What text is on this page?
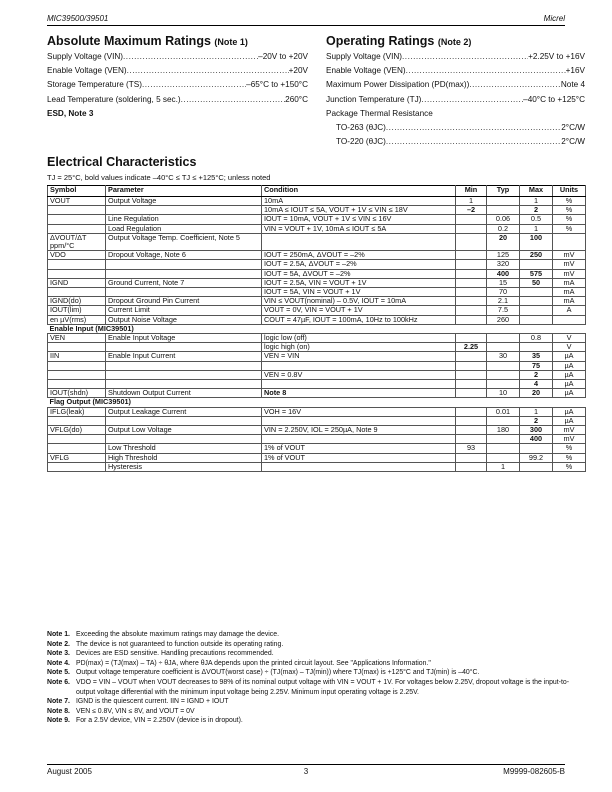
MIC39500/39501	Micrel
Absolute Maximum Ratings (Note 1)
Supply Voltage (VIN) .....	–20V to +20V
Enable Voltage (VEN) .....	+20V
Storage Temperature (TS) .....	–65°C to +150°C
Lead Temperature (soldering, 5 sec.) .....	260°C
ESD, Note 3
Operating Ratings (Note 2)
Supply Voltage (VIN) .....	+2.25V to +16V
Enable Voltage (VEN) .....	+16V
Maximum Power Dissipation (PD(max)) .....	Note 4
Junction Temperature (TJ) .....	–40°C to +125°C
Package Thermal Resistance
TO-263 (θJC) .....	2°C/W
TO-220 (θJC) .....	2°C/W
Electrical Characteristics
TJ = 25°C, bold values indicate –40°C ≤ TJ ≤ +125°C; unless noted
Symbol	Parameter	Condition	Min	Typ	Max	Units
VOUT	Output Voltage	10mA	1		1	%
		10mA ≤ IOUT ≤ 5A, VOUT + 1V ≤ VIN ≤ 18V	–2		2	%
	Line Regulation	IOUT = 10mA, VOUT + 1V ≤ VIN ≤ 16V		0.06	0.5	%
	Load Regulation	VIN = VOUT + 1V, 10mA ≤ IOUT ≤ 5A		0.2	1	%
ΔVOUT/ΔT ppm/°C	Output Voltage Temp. Coefficient, Note 5			20	100	
VDO	Dropout Voltage, Note 6	IOUT = 250mA, ΔVOUT = –2%		125	250	mV
		IOUT = 2.5A, ΔVOUT = –2%		320		mV
		IOUT = 5A, ΔVOUT = –2%		400	575	mV
IGND	Ground Current, Note 7	IOUT = 2.5A, VIN = VOUT + 1V		15	50	mA
		IOUT = 5A, VIN = VOUT + 1V		70		mA
IGND(do)	Dropout Ground Pin Current	VIN ≤ VOUT(nominal) – 0.5V, IOUT = 10mA		2.1		mA
IOUT(lim)	Current Limit	VOUT = 0V, VIN = VOUT + 1V		7.5		A
en µV(rms)	Output Noise Voltage	COUT = 47µF, IOUT = 100mA, 10Hz to 100kHz		260		
Enable Input (MIC39501)						
VEN	Enable Input Voltage	logic low (off)			0.8	V
		logic high (on)	2.25			V
IIN	Enable Input Current	VEN = VIN		30	35	µA
					75	µA
		VEN = 0.8V			2	µA
					4	µA
IOUT(shdn)	Shutdown Output Current	Note 8		10	20	µA
Flag Output (MIC39501)						
IFLG(leak)	Output Leakage Current	VOH = 16V		0.01	1	µA
					2	µA
VFLG(do)	Output Low Voltage	VIN = 2.250V, IOL = 250µA, Note 9		180	300	mV
					400	mV
	Low Threshold	1% of VOUT	93			%
VFLG	High Threshold	1% of VOUT			99.2	%
	Hysteresis			1		%
Note 1. Exceeding the absolute maximum ratings may damage the device.
Note 2. The device is not guaranteed to function outside its operating rating.
Note 3. Devices are ESD sensitive. Handling precautions recommended.
Note 4. PD(max) = (TJ(max) – TA) ÷ θJA, where θJA depends upon the printed circuit layout. See "Applications Information."
Note 5. Output voltage temperature coefficient is ΔVOUT(worst case) ÷ (TJ(max) – TJ(min)) where TJ(max) is +125°C and TJ(min) is –40°C.
Note 6. VDO = VIN – VOUT when VOUT decreases to 98% of its nominal output voltage with VIN = VOUT + 1V. For voltages below 2.25V, dropout voltage is the input-to-output voltage differential with the minimum input voltage being 2.25V. Minimum input operating voltage is 2.25V.
Note 7. IGND is the quiescent current. IIN = IGND + IOUT
Note 8. VEN ≤ 0.8V, VIN ≤ 8V, and VOUT = 0V
Note 9. For a 2.5V device, VIN = 2.250V (device is in dropout).
August 2005	3	M9999-082605-B
